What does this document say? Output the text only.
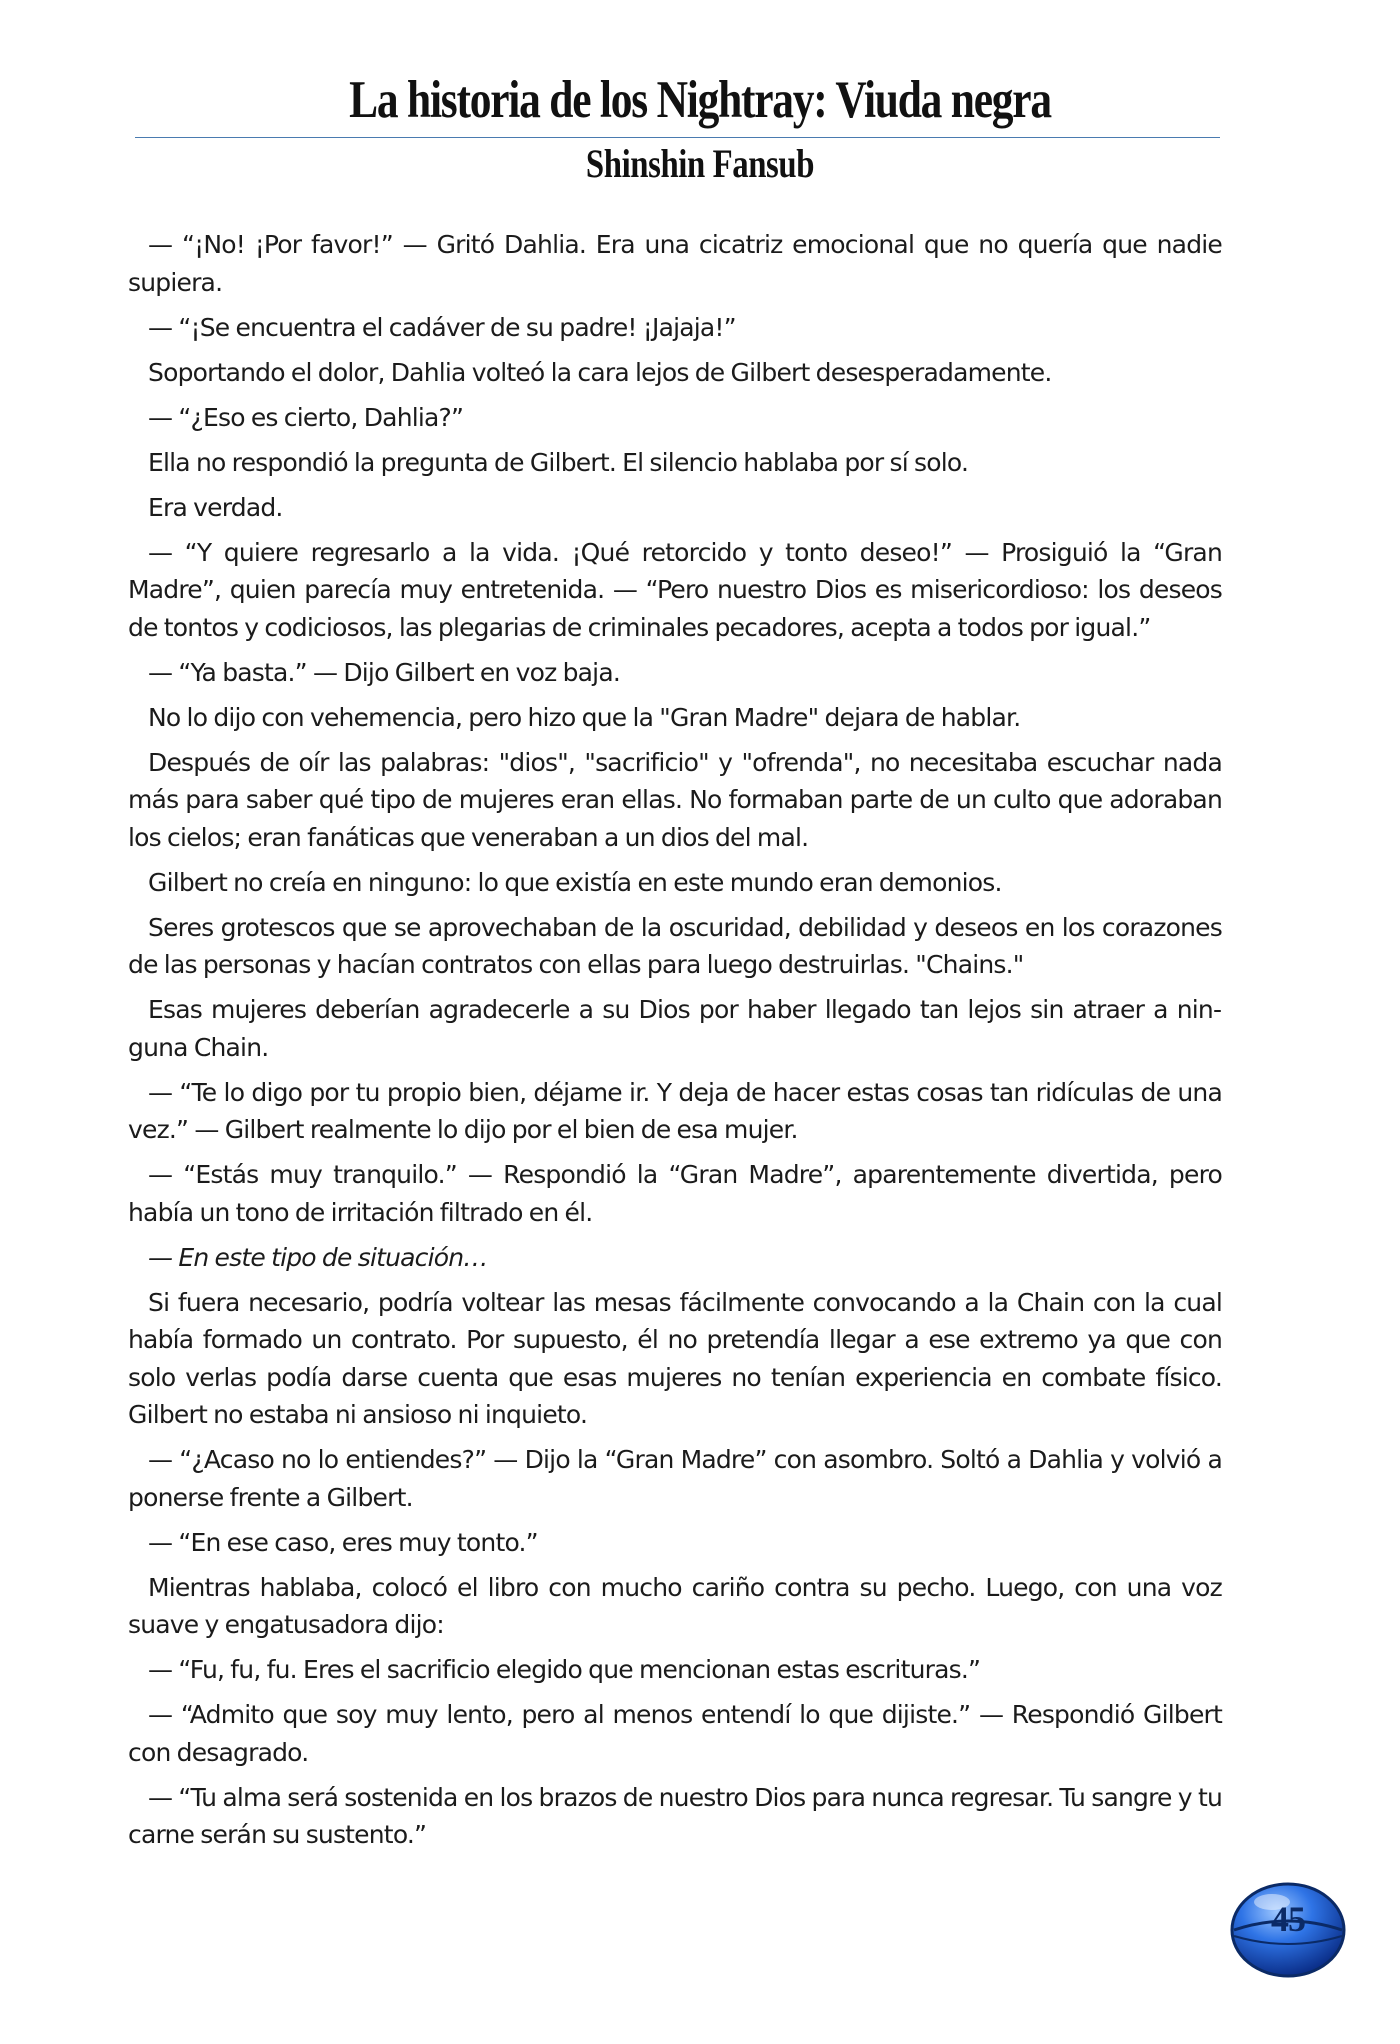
La historia de los Nightray: Viuda negra
Shinshin Fansub

— “¡No! ¡Por favor!” — Gritó Dahlia. Era una cicatriz emocional que no quería que nadie supiera.

— “¡Se encuentra el cadáver de su padre! ¡Jajaja!”

Soportando el dolor, Dahlia volteó la cara lejos de Gilbert desesperadamente.

— “¿Eso es cierto, Dahlia?”

Ella no respondió la pregunta de Gilbert. El silencio hablaba por sí solo.

Era verdad.

— “Y quiere regresarlo a la vida. ¡Qué retorcido y tonto deseo!” — Prosiguió la “Gran Madre”, quien parecía muy entretenida. — “Pero nuestro Dios es misericordioso: los deseos de tontos y codiciosos, las plegarias de criminales pecadores, acepta a todos por igual.”

— “Ya basta.” — Dijo Gilbert en voz baja.

No lo dijo con vehemencia, pero hizo que la "Gran Madre" dejara de hablar.

Después de oír las palabras: "dios", "sacrificio" y "ofrenda", no necesitaba escuchar nada más para saber qué tipo de mujeres eran ellas. No formaban parte de un culto que adoraban los cielos; eran fanáticas que veneraban a un dios del mal.

Gilbert no creía en ninguno: lo que existía en este mundo eran demonios.

Seres grotescos que se aprovechaban de la oscuridad, debilidad y deseos en los corazones de las personas y hacían contratos con ellas para luego destruirlas. "Chains."

Esas mujeres deberían agradecerle a su Dios por haber llegado tan lejos sin atraer a ninguna Chain.

— “Te lo digo por tu propio bien, déjame ir. Y deja de hacer estas cosas tan ridículas de una vez.” — Gilbert realmente lo dijo por el bien de esa mujer.

— “Estás muy tranquilo.” — Respondió la “Gran Madre”, aparentemente divertida, pero había un tono de irritación filtrado en él.

— En este tipo de situación…

Si fuera necesario, podría voltear las mesas fácilmente convocando a la Chain con la cual había formado un contrato. Por supuesto, él no pretendía llegar a ese extremo ya que con solo verlas podía darse cuenta que esas mujeres no tenían experiencia en combate físico. Gilbert no estaba ni ansioso ni inquieto.

— “¿Acaso no lo entiendes?” — Dijo la “Gran Madre” con asombro. Soltó a Dahlia y volvió a ponerse frente a Gilbert.

— “En ese caso, eres muy tonto.”

Mientras hablaba, colocó el libro con mucho cariño contra su pecho. Luego, con una voz suave y engatusadora dijo:

— “Fu, fu, fu. Eres el sacrificio elegido que mencionan estas escrituras.”

— “Admito que soy muy lento, pero al menos entendí lo que dijiste.” — Respondió Gilbert con desagrado.

— “Tu alma será sostenida en los brazos de nuestro Dios para nunca regresar. Tu sangre y tu carne serán su sustento.”

45
